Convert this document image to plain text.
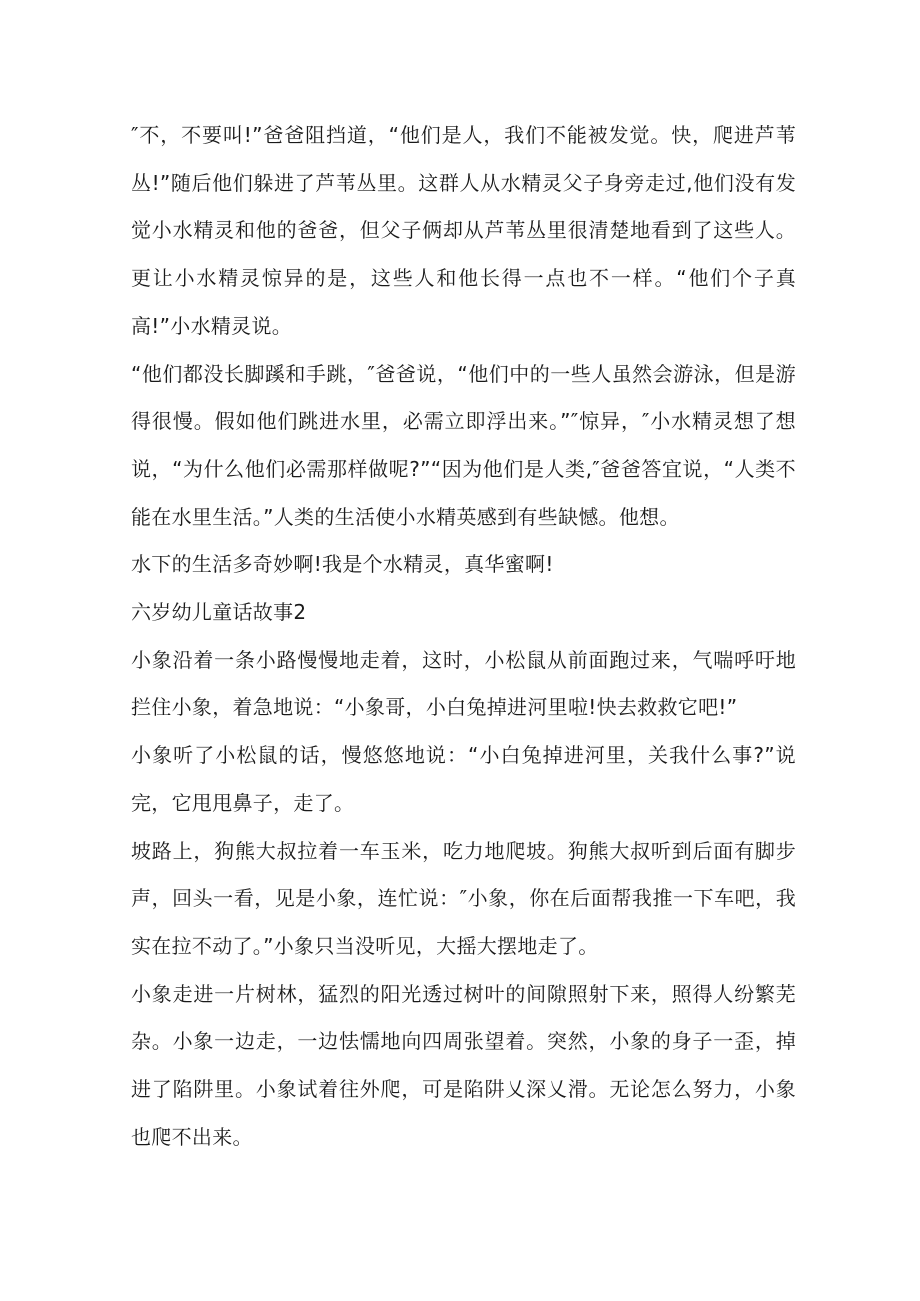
″不，不要叫!”爸爸阻挡道，“他们是人，我们不能被发觉。快，爬进芦苇丛!”随后他们躲进了芦苇丛里。这群人从水精灵父子身旁走过,他们没有发觉小水精灵和他的爸爸，但父子俩却从芦苇丛里很清楚地看到了这些人。更让小水精灵惊异的是，这些人和他长得一点也不一样。“他们个子真高!”小水精灵说。

“他们都没长脚蹊和手跳，″爸爸说，“他们中的一些人虽然会游泳，但是游得很慢。假如他们跳进水里，必需立即浮出来。”″惊异，″小水精灵想了想说，“为什么他们必需那样做呢?”“因为他们是人类,″爸爸答宜说，“人类不能在水里生活。”人类的生活使小水精英感到有些缺憾。他想。

水下的生活多奇妙啊!我是个水精灵，真华蜜啊!

六岁幼儿童话故事2

小象沿着一条小路慢慢地走着，这时，小松鼠从前面跑过来，气喘呼吁地拦住小象，着急地说：“小象哥，小白兔掉进河里啦!快去救救它吧!”

小象听了小松鼠的话，慢悠悠地说：“小白兔掉进河里，关我什么事?”说完，它甩甩鼻子，走了。

坡路上，狗熊大叔拉着一车玉米，吃力地爬坡。狗熊大叔听到后面有脚步声，回头一看，见是小象，连忙说：″小象，你在后面帮我推一下车吧，我实在拉不动了。”小象只当没听见，大摇大摆地走了。

小象走进一片树林，猛烈的阳光透过树叶的间隙照射下来，照得人纷繁芜杂。小象一边走，一边怯懦地向四周张望着。突然，小象的身子一歪，掉进了陷阱里。小象试着往外爬，可是陷阱乂深乂滑。无论怎么努力，小象也爬不出来。
